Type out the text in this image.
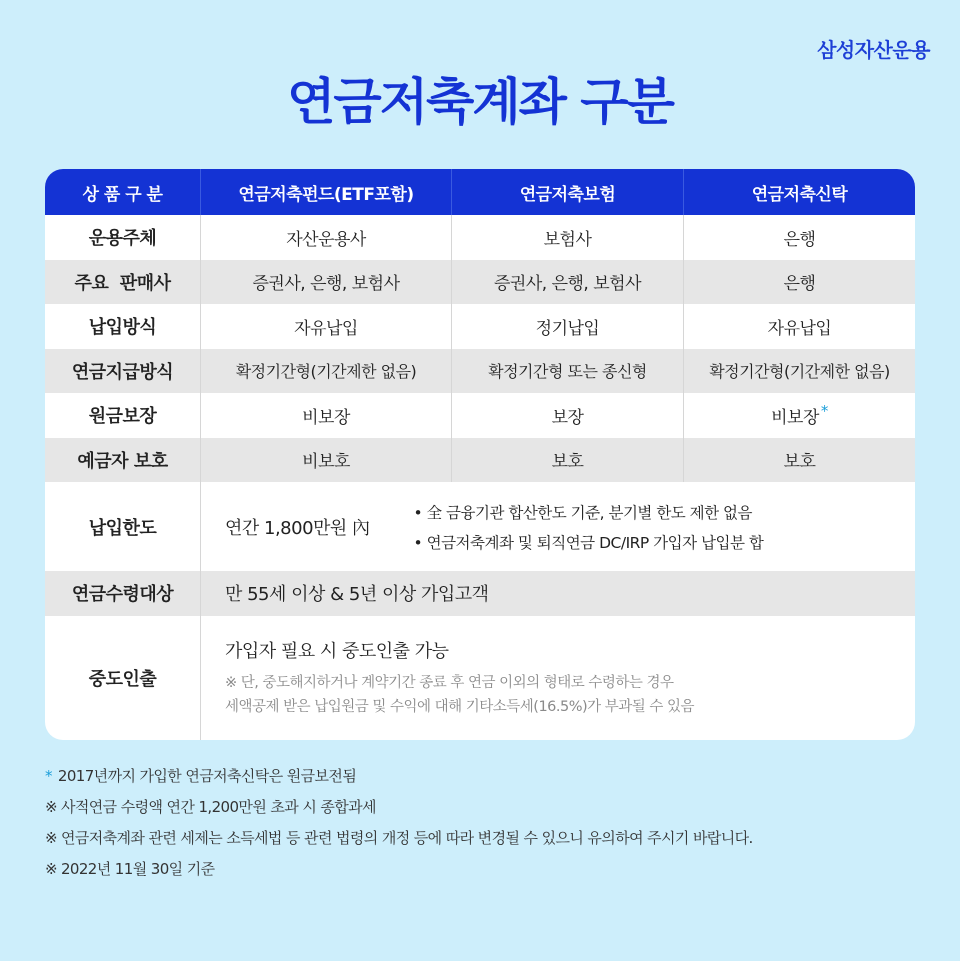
삼성자산운용
연금저축계좌 구분
상 품 구 분	연금저축펀드(ETF포함)	연금저축보험	연금저축신탁
운용주체	자산운용사	보험사	은행
주요  판매사	증권사, 은행, 보험사	증권사, 은행, 보험사	은행
납입방식	자유납입	정기납입	자유납입
연금지급방식	확정기간형(기간제한 없음)	확정기간형 또는 종신형	확정기간형(기간제한 없음)
원금보장	비보장	보장	비보장 *
예금자 보호	비보호	보호	보호
납입한도	연간 1,800만원 內
• 全 금융기관 합산한도 기준, 분기별 한도 제한 없음
• 연금저축계좌 및 퇴직연금 DC/IRP 가입자 납입분 합
연금수령대상	만 55세 이상 & 5년 이상 가입고객
중도인출
가입자 필요 시 중도인출 가능
※ 단, 중도해지하거나 계약기간 종료 후 연금 이외의 형태로 수령하는 경우
세액공제 받은 납입원금 및 수익에 대해 기타소득세(16.5%)가 부과될 수 있음
* 2017년까지 가입한 연금저축신탁은 원금보전됨
※ 사적연금 수령액 연간 1,200만원 초과 시 종합과세
※ 연금저축계좌 관련 세제는 소득세법 등 관련 법령의 개정 등에 따라 변경될 수 있으니 유의하여 주시기 바랍니다.
※ 2022년 11월 30일 기준
